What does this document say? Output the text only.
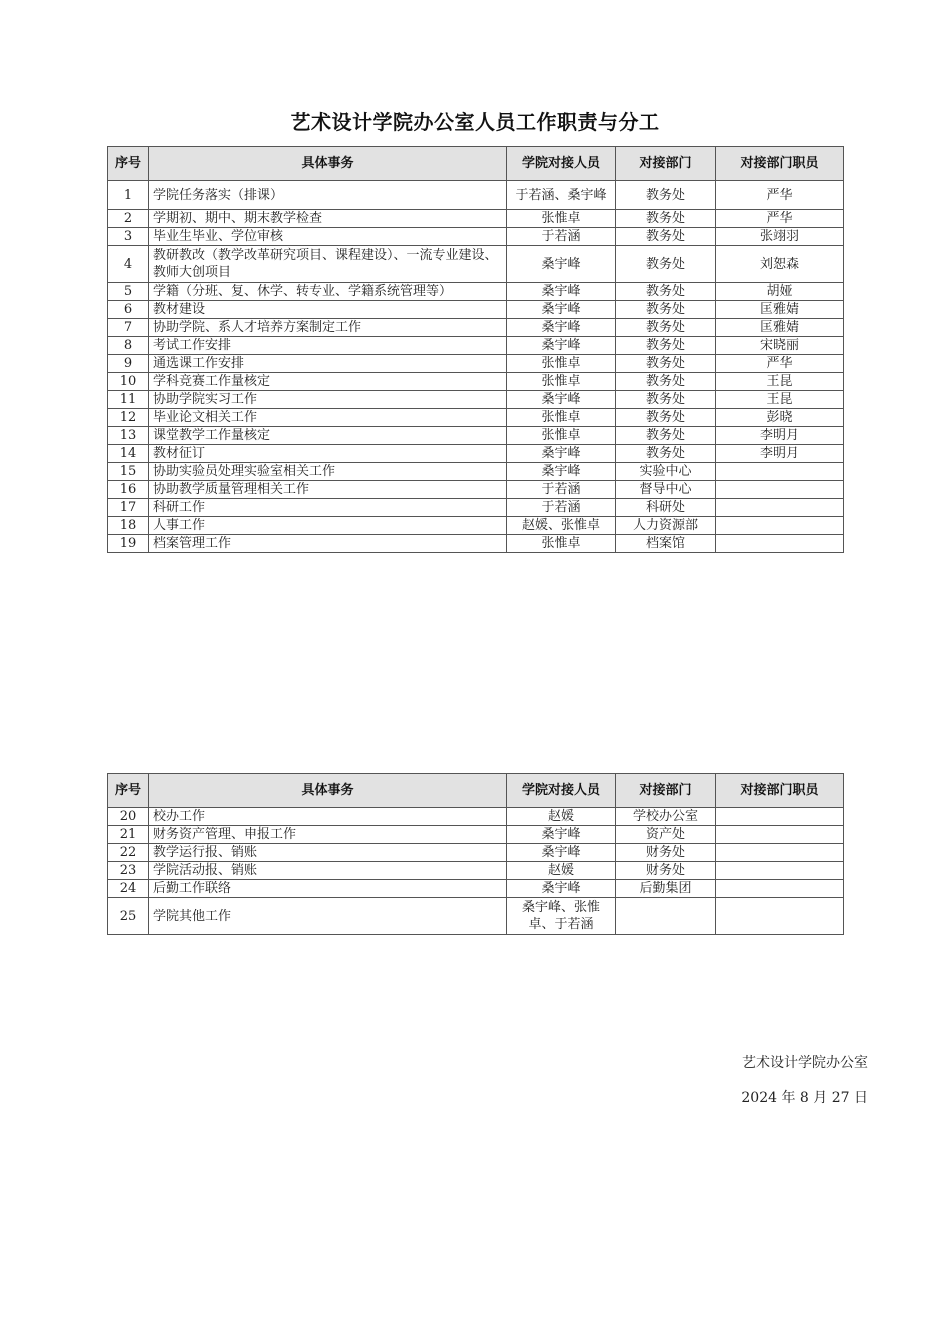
艺术设计学院办公室人员工作职责与分工
序号	具体事务	学院对接人员	对接部门	对接部门职员
1	学院任务落实（排课）	于若涵、桑宇峰	教务处	严华
2	学期初、期中、期末教学检查	张惟卓	教务处	严华
3	毕业生毕业、学位审核	于若涵	教务处	张翊羽
4	教研教改（教学改革研究项目、课程建设）、一流专业建设、教师大创项目	桑宇峰	教务处	刘恕森
5	学籍（分班、复、休学、转专业、学籍系统管理等）	桑宇峰	教务处	胡娅
6	教材建设	桑宇峰	教务处	匡雅婧
7	协助学院、系人才培养方案制定工作	桑宇峰	教务处	匡雅婧
8	考试工作安排	桑宇峰	教务处	宋晓丽
9	通选课工作安排	张惟卓	教务处	严华
10	学科竞赛工作量核定	张惟卓	教务处	王昆
11	协助学院实习工作	桑宇峰	教务处	王昆
12	毕业论文相关工作	张惟卓	教务处	彭晓
13	课堂教学工作量核定	张惟卓	教务处	李明月
14	教材征订	桑宇峰	教务处	李明月
15	协助实验员处理实验室相关工作	桑宇峰	实验中心	
16	协助教学质量管理相关工作	于若涵	督导中心	
17	科研工作	于若涵	科研处	
18	人事工作	赵媛、张惟卓	人力资源部	
19	档案管理工作	张惟卓	档案馆	
序号	具体事务	学院对接人员	对接部门	对接部门职员
20	校办工作	赵媛	学校办公室	
21	财务资产管理、申报工作	桑宇峰	资产处	
22	教学运行报、销账	桑宇峰	财务处	
23	学院活动报、销账	赵媛	财务处	
24	后勤工作联络	桑宇峰	后勤集团	
25	学院其他工作	桑宇峰、张惟卓、于若涵		
艺术设计学院办公室
2024 年 8 月 27 日
